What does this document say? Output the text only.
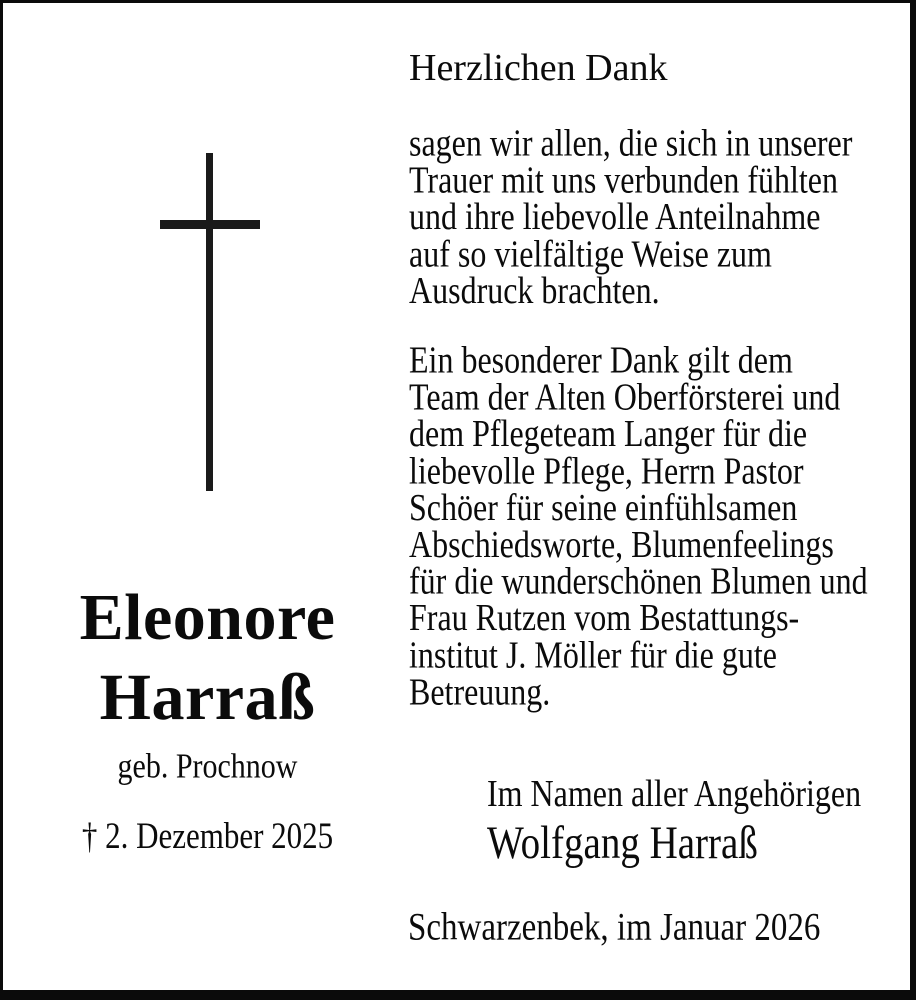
Eleonore
Harraß
geb. Prochnow
† 2. Dezember 2025
Herzlichen Dank
sagen wir allen, die sich in unserer
Trauer mit uns verbunden fühlten
und ihre liebevolle Anteilnahme
auf so vielfältige Weise zum
Ausdruck brachten.
Ein besonderer Dank gilt dem
Team der Alten Oberförsterei und
dem Pflegeteam Langer für die
liebevolle Pflege, Herrn Pastor
Schöer für seine einfühlsamen
Abschiedsworte, Blumenfeelings
für die wunderschönen Blumen und
Frau Rutzen vom Bestattungs-
institut J. Möller für die gute
Betreuung.
Im Namen aller Angehörigen
Wolfgang Harraß
Schwarzenbek, im Januar 2026
